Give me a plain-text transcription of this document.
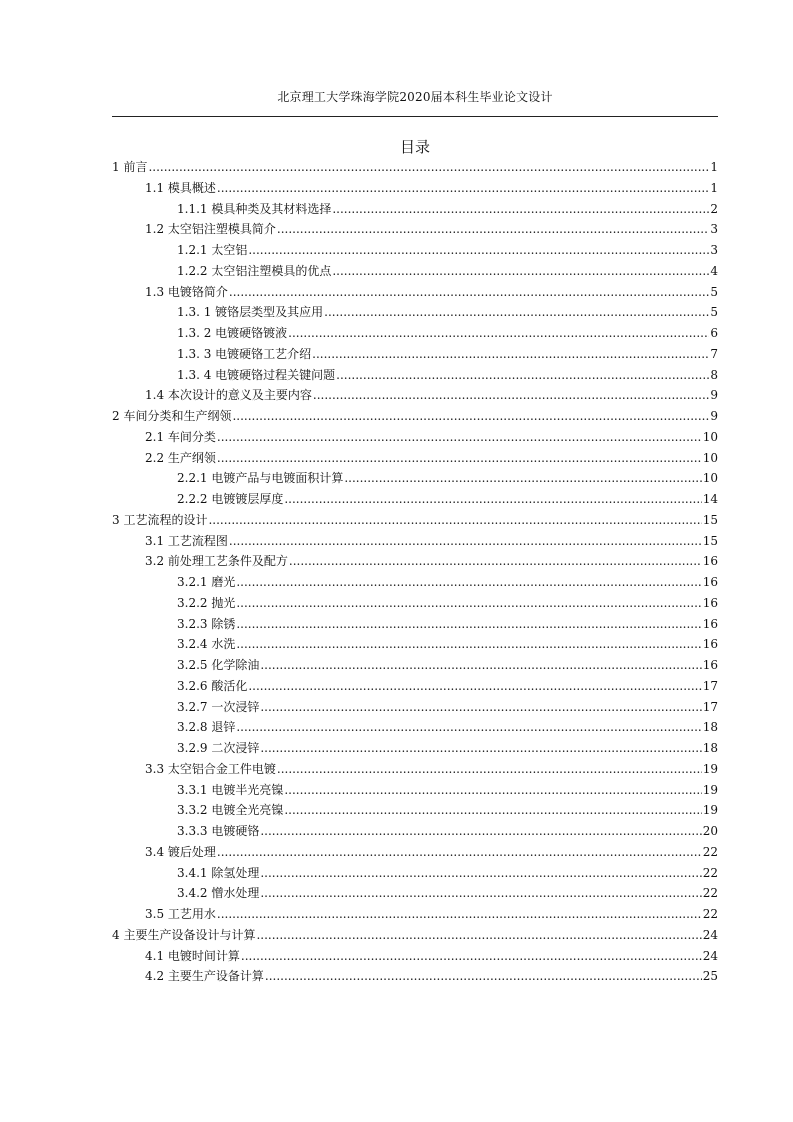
北京理工大学珠海学院2020届本科生毕业论文设计
目录
1 前言 .....	1
1.1 模具概述 .....	1
1.1.1 模具种类及其材料选择 .....	2
1.2 太空铝注塑模具简介 .....	3
1.2.1 太空铝 .....	3
1.2.2 太空铝注塑模具的优点 .....	4
1.3 电镀铬简介 .....	5
1.3. 1 镀铬层类型及其应用 .....	5
1.3. 2 电镀硬铬镀液 .....	6
1.3. 3 电镀硬铬工艺介绍 .....	7
1.3. 4 电镀硬铬过程关键问题 .....	8
1.4 本次设计的意义及主要内容 .....	9
2 车间分类和生产纲领 .....	9
2.1 车间分类 .....	10
2.2 生产纲领 .....	10
2.2.1 电镀产品与电镀面积计算 .....	10
2.2.2 电镀镀层厚度 .....	14
3 工艺流程的设计 .....	15
3.1 工艺流程图 .....	15
3.2 前处理工艺条件及配方 .....	16
3.2.1 磨光 .....	16
3.2.2 抛光 .....	16
3.2.3 除锈 .....	16
3.2.4 水洗 .....	16
3.2.5 化学除油 .....	16
3.2.6 酸活化 .....	17
3.2.7 一次浸锌 .....	17
3.2.8 退锌 .....	18
3.2.9 二次浸锌 .....	18
3.3 太空铝合金工件电镀 .....	19
3.3.1 电镀半光亮镍 .....	19
3.3.2 电镀全光亮镍 .....	19
3.3.3 电镀硬铬 .....	20
3.4 镀后处理 .....	22
3.4.1 除氢处理 .....	22
3.4.2 憎水处理 .....	22
3.5 工艺用水 .....	22
4 主要生产设备设计与计算 .....	24
4.1 电镀时间计算 .....	24
4.2 主要生产设备计算 .....	25
